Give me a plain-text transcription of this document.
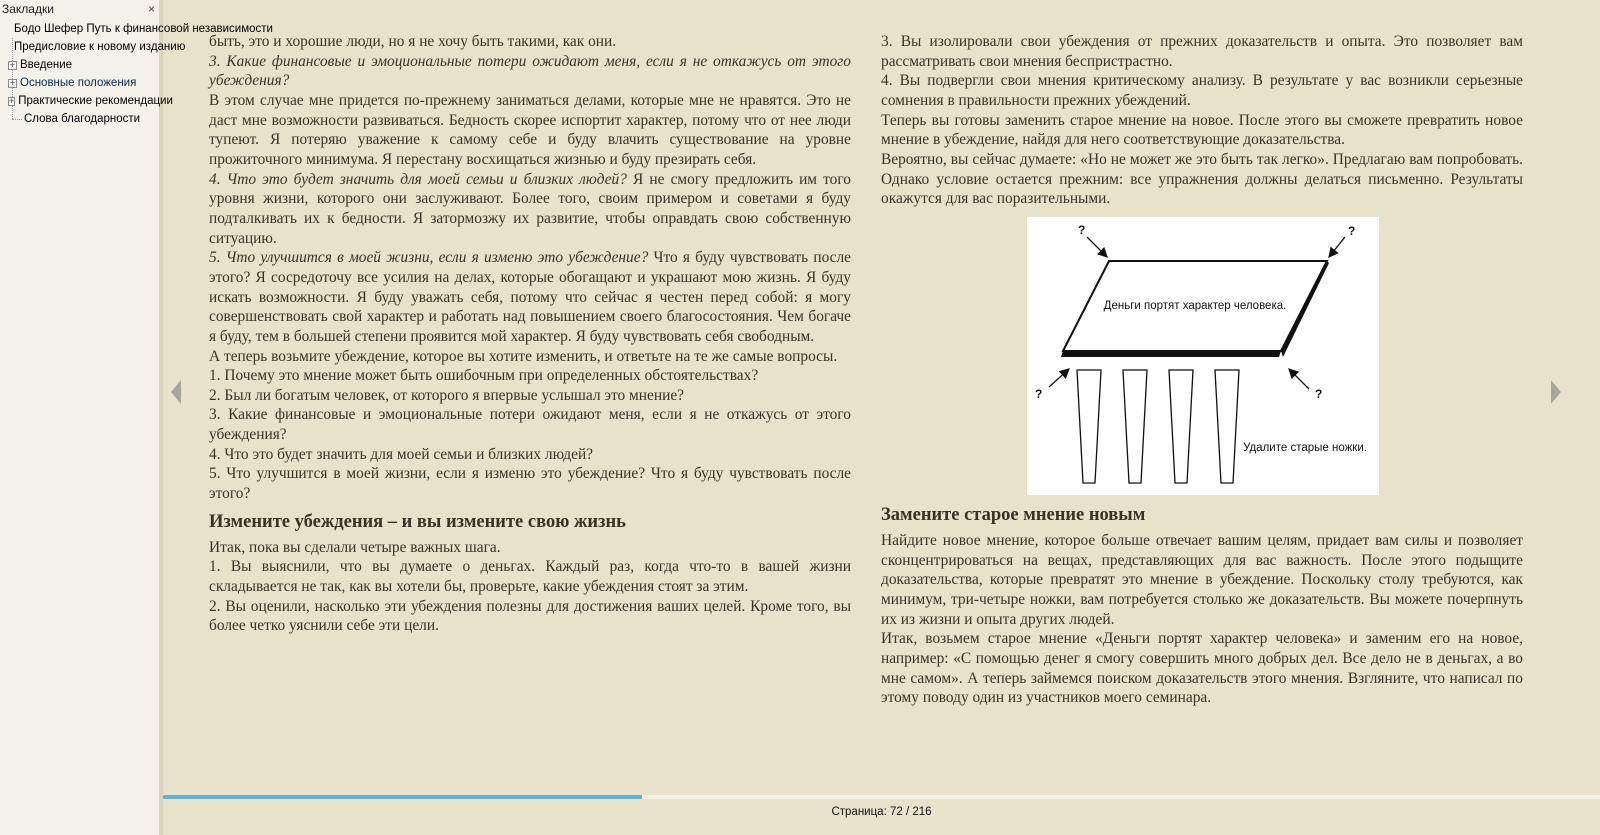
Закладки	×
Бодо Шефер Путь к финансовой независимости
Предисловие к новому изданию
+ Введение
+ Основные положения
+ Практические рекомендации
Слова благодарности

быть, это и хорошие люди, но я не хочу быть такими, как они.

3. Какие финансовые и эмоциональные потери ожидают меня, если я не откажусь от этого убеждения?

В этом случае мне придется по-прежнему заниматься делами, которые мне не нравятся. Это не даст мне возможности развиваться. Бедность скорее испортит характер, потому что от нее люди тупеют. Я потеряю уважение к самому себе и буду влачить существование на уровне прожиточного минимума. Я перестану восхищаться жизнью и буду презирать себя.

4. Что это будет значить для моей семьи и близких людей? Я не смогу предложить им того уровня жизни, которого они заслуживают. Более того, своим примером и советами я буду подталкивать их к бедности. Я затормозжу их развитие, чтобы оправдать свою собственную ситуацию.

5. Что улучшится в моей жизни, если я изменю это убеждение? Что я буду чувствовать после этого? Я сосредоточу все усилия на делах, которые обогащают и украшают мою жизнь. Я буду искать возможности. Я буду уважать себя, потому что сейчас я честен перед собой: я могу совершенствовать свой характер и работать над повышением своего благосостояния. Чем богаче я буду, тем в большей степени проявится мой характер. Я буду чувствовать себя свободным.

А теперь возьмите убеждение, которое вы хотите изменить, и ответьте на те же самые вопросы.

1. Почему это мнение может быть ошибочным при определенных обстоятельствах?

2. Был ли богатым человек, от которого я впервые услышал это мнение?

3. Какие финансовые и эмоциональные потери ожидают меня, если я не откажусь от этого убеждения?

4. Что это будет значить для моей семьи и близких людей?

5. Что улучшится в моей жизни, если я изменю это убеждение? Что я буду чувствовать после этого?

Измените убеждения – и вы измените свою жизнь

Итак, пока вы сделали четыре важных шага.

1. Вы выяснили, что вы думаете о деньгах. Каждый раз, когда что-то в вашей жизни складывается не так, как вы хотели бы, проверьте, какие убеждения стоят за этим.

2. Вы оценили, насколько эти убеждения полезны для достижения ваших целей. Кроме того, вы более четко уяснили себе эти цели.

3. Вы изолировали свои убеждения от прежних доказательств и опыта. Это позволяет вам рассматривать свои мнения беспристрастно.

4. Вы подвергли свои мнения критическому анализу. В результате у вас возникли серьезные сомнения в правильности прежних убеждений.

Теперь вы готовы заменить старое мнение на новое. После этого вы сможете превратить новое мнение в убеждение, найдя для него соответствующие доказательства.

Вероятно, вы сейчас думаете: «Но не может же это быть так легко». Предлагаю вам попробовать. Однако условие остается прежним: все упражнения должны делаться письменно. Результаты окажутся для вас поразительными.

Деньги портят характер человека.
Удалите старые ножки.
?	?
?	?
Замените старое мнение новым

Найдите новое мнение, которое больше отвечает вашим целям, придает вам силы и позволяет сконцентрироваться на вещах, представляющих для вас важность. После этого подыщите доказательства, которые превратят это мнение в убеждение. Поскольку столу требуются, как минимум, три-четыре ножки, вам потребуется столько же доказательств. Вы можете почерпнуть их из жизни и опыта других людей.

Итак, возьмем старое мнение «Деньги портят характер человека» и заменим его на новое, например: «С помощью денег я смогу совершить много добрых дел. Все дело не в деньгах, а во мне самом». А теперь займемся поиском доказательств этого мнения. Взгляните, что написал по этому поводу один из участников моего семинара.

Страница: 72 / 216
